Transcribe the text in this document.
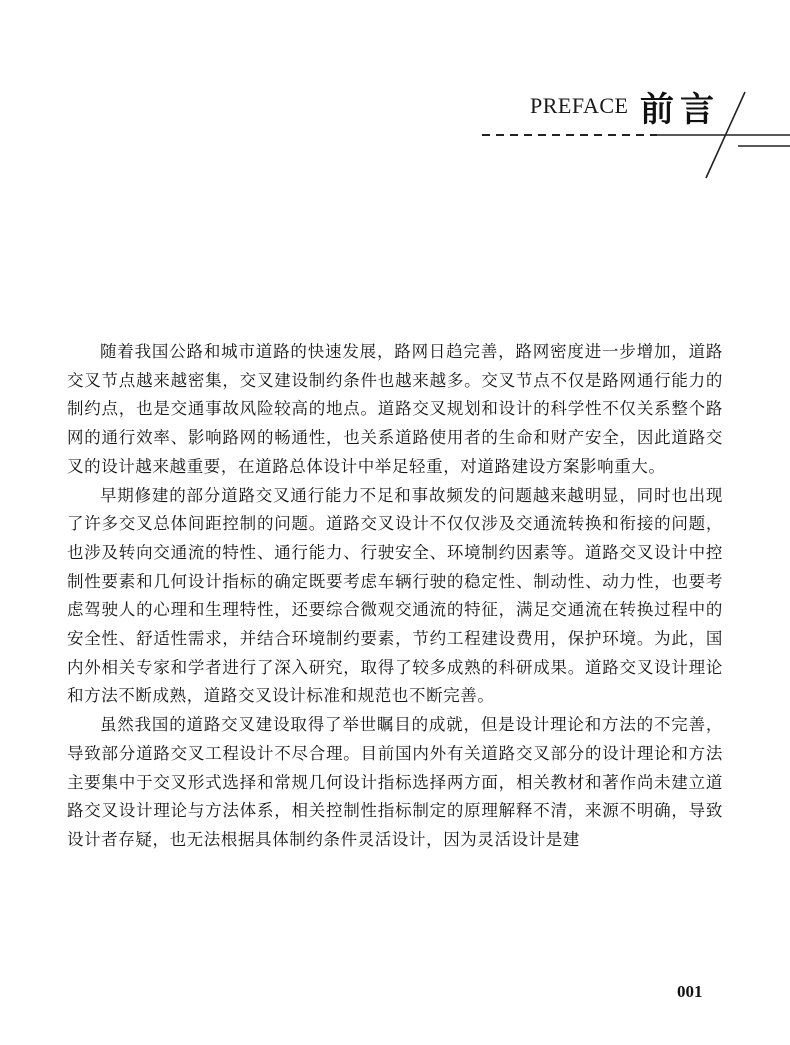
PREFACE 前言

随着我国公路和城市道路的快速发展，路网日趋完善，路网密度进一步增加，道路交叉节点越来越密集，交叉建设制约条件也越来越多。交叉节点不仅是路网通行能力的制约点，也是交通事故风险较高的地点。道路交叉规划和设计的科学性不仅关系整个路网的通行效率、影响路网的畅通性，也关系道路使用者的生命和财产安全，因此道路交叉的设计越来越重要，在道路总体设计中举足轻重，对道路建设方案影响重大。

早期修建的部分道路交叉通行能力不足和事故频发的问题越来越明显，同时也出现了许多交叉总体间距控制的问题。道路交叉设计不仅仅涉及交通流转换和衔接的问题，也涉及转向交通流的特性、通行能力、行驶安全、环境制约因素等。道路交叉设计中控制性要素和几何设计指标的确定既要考虑车辆行驶的稳定性、制动性、动力性，也要考虑驾驶人的心理和生理特性，还要综合微观交通流的特征，满足交通流在转换过程中的安全性、舒适性需求，并结合环境制约要素，节约工程建设费用，保护环境。为此，国内外相关专家和学者进行了深入研究，取得了较多成熟的科研成果。道路交叉设计理论和方法不断成熟，道路交叉设计标准和规范也不断完善。

虽然我国的道路交叉建设取得了举世瞩目的成就，但是设计理论和方法的不完善，导致部分道路交叉工程设计不尽合理。目前国内外有关道路交叉部分的设计理论和方法主要集中于交叉形式选择和常规几何设计指标选择两方面，相关教材和著作尚未建立道路交叉设计理论与方法体系，相关控制性指标制定的原理解释不清，来源不明确，导致设计者存疑，也无法根据具体制约条件灵活设计，因为灵活设计是建

001
